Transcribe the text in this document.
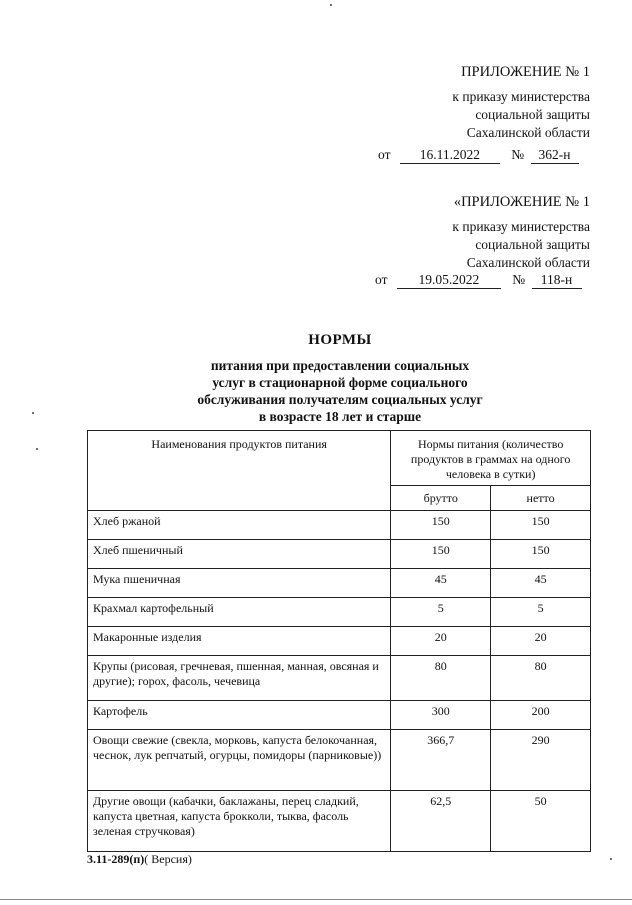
ПРИЛОЖЕНИЕ № 1
к приказу министерства
социальной защиты
Сахалинской области
от 16.11.2022 № 362-н
«ПРИЛОЖЕНИЕ № 1
к приказу министерства
социальной защиты
Сахалинской области
от 19.05.2022 № 118-н
НОРМЫ
питания при предоставлении социальных
услуг в стационарной форме социального
обслуживания получателям социальных услуг
в возрасте 18 лет и старше
Наименования продуктов питания	Нормы питания (количество продуктов в граммах на одного человека в сутки)	
	брутто	нетто
Хлеб ржаной	150	150
Хлеб пшеничный	150	150
Мука пшеничная	45	45
Крахмал картофельный	5	5
Макаронные изделия	20	20
Крупы (рисовая, гречневая, пшенная, манная, овсяная и другие); горох, фасоль, чечевица	80	80
Картофель	300	200
Овощи свежие (свекла, морковь, капуста белокочанная, чеснок, лук репчатый, огурцы, помидоры (парниковые))	366,7	290
Другие овощи (кабачки, баклажаны, перец сладкий, капуста цветная, капуста брокколи, тыква, фасоль зеленая стручковая)	62,5	50
3.11-289(п)( Версия)
